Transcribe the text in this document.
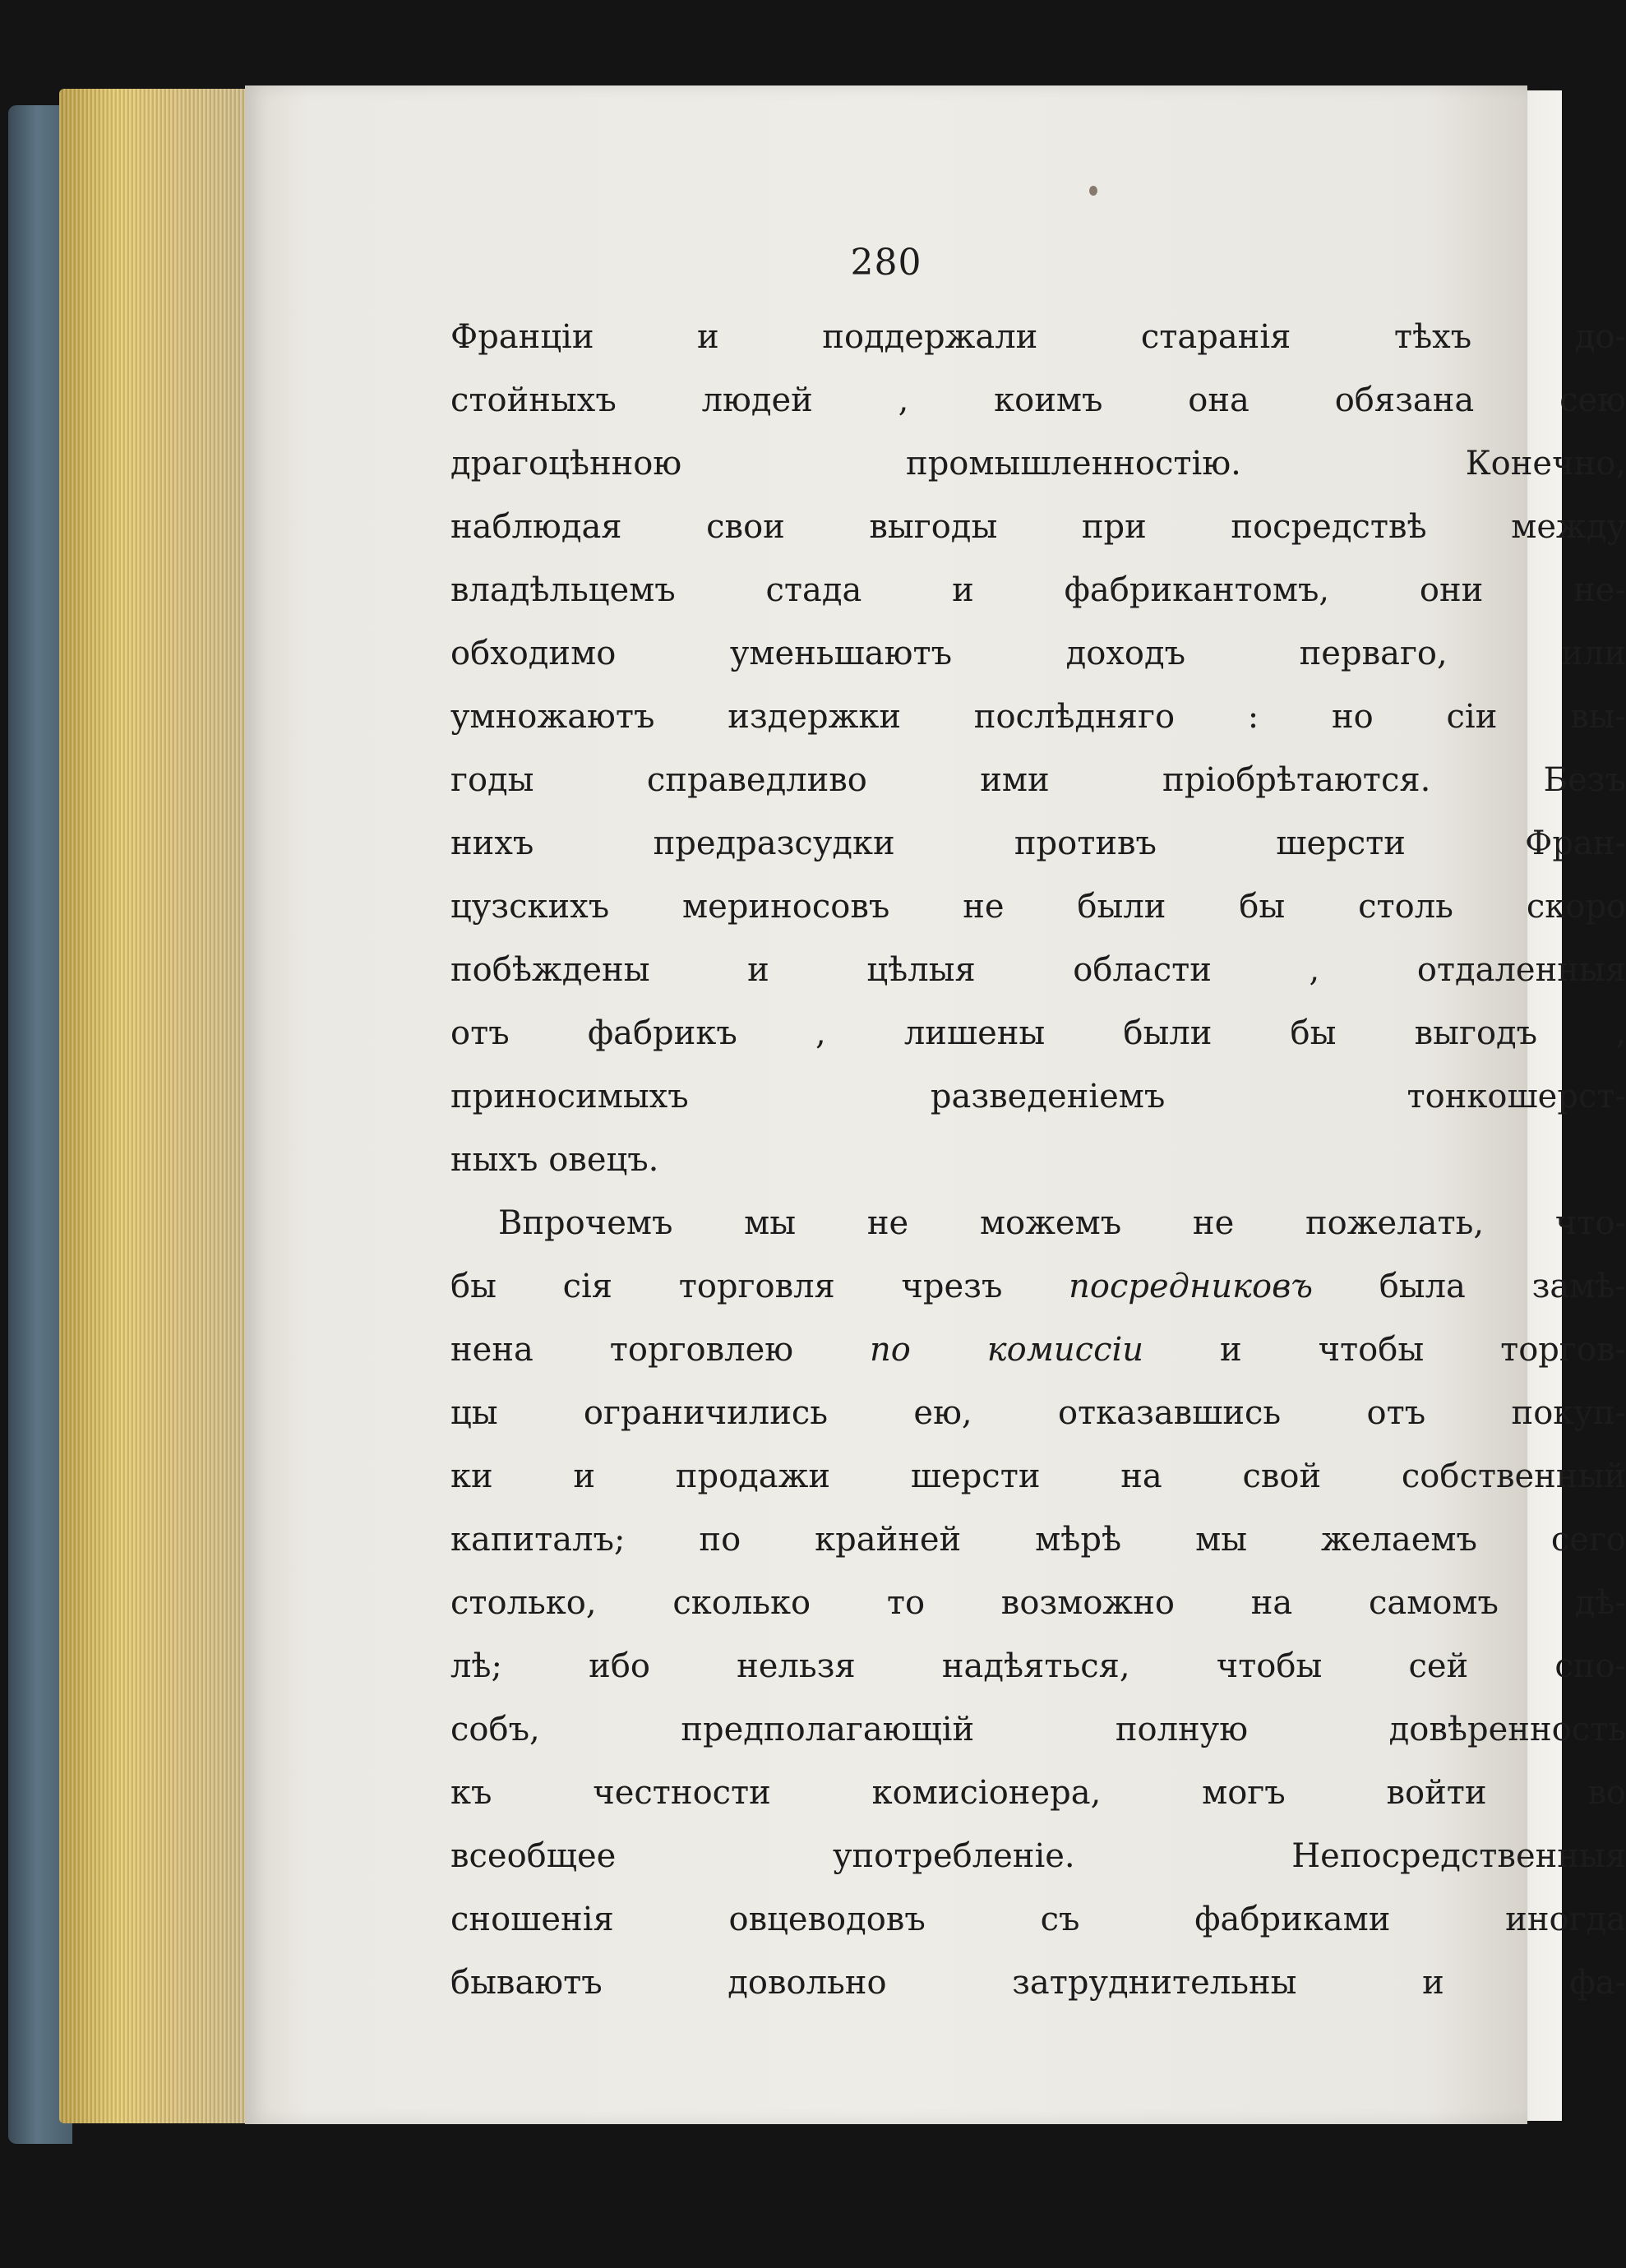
280
Франціи и поддержали старанія тѣхъ до-
стойныхъ людей , коимъ она обязана сею
драгоцѣнною промышленностію. Конечно,
наблюдая свои выгоды при посредствѣ между
владѣльцемъ стада и фабрикантомъ, они не-
обходимо уменьшаютъ доходъ перваго, или
умножаютъ издержки послѣдняго : но сіи вы-
годы справедливо ими пріобрѣтаются. Безъ
нихъ предразсудки противъ шерсти Фран-
цузскихъ мериносовъ не были бы столь скоро
побѣждены и цѣлыя области , отдаленныя
отъ фабрикъ , лишены были бы выгодъ ,
приносимыхъ разведеніемъ тонкошерст-
ныхъ овецъ.
Впрочемъ мы не можемъ не пожелать, что-
бы сія торговля чрезъ посредниковъ была замѣ-
нена торговлею по комиссіи и чтобы торгов-
цы ограничились ею, отказавшись отъ покуп-
ки и продажи шерсти на свой собственный
капиталъ; по крайней мѣрѣ мы желаемъ сего
столько, сколько то возможно на самомъ дѣ-
лѣ; ибо нельзя надѣяться, чтобы сей спо-
собъ, предполагающій полную довѣренность
къ честности комисіонера, могъ войти во
всеобщее употребленіе. Непосредственныя
сношенія овцеводовъ съ фабриками иногда
бываютъ довольно затруднительны и фа-
